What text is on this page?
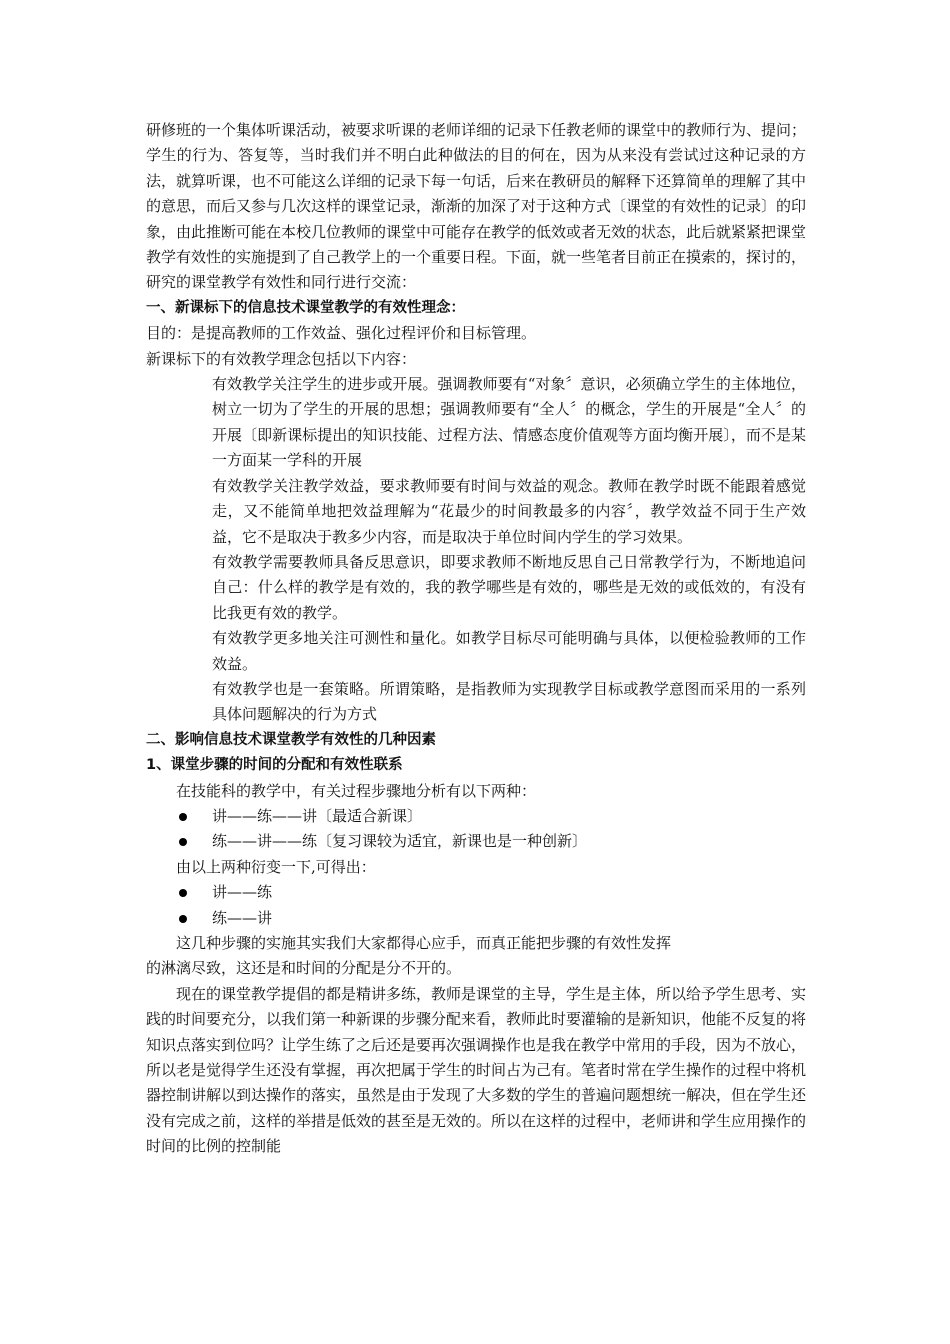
研修班的一个集体听课活动，被要求听课的老师详细的记录下任教老师的课堂中的教师行为、提问；学生的行为、答复等，当时我们并不明白此种做法的目的何在，因为从来没有尝试过这种记录的方法，就算听课，也不可能这么详细的记录下每一句话，后来在教研员的解释下还算简单的理解了其中的意思，而后又参与几次这样的课堂记录，渐渐的加深了对于这种方式〔课堂的有效性的记录〕的印象，由此推断可能在本校几位教师的课堂中可能存在教学的低效或者无效的状态，此后就紧紧把课堂教学有效性的实施提到了自己教学上的一个重要日程。下面，就一些笔者目前正在摸索的，探讨的，研究的课堂教学有效性和同行进行交流：

一、新课标下的信息技术课堂教学的有效性理念：

目的：是提高教师的工作效益、强化过程评价和目标管理。

新课标下的有效教学理念包括以下内容：

有效教学关注学生的进步或开展。强调教师要有“对象〞意识，必须确立学生的主体地位，树立一切为了学生的开展的思想；强调教师要有“全人〞的概念，学生的开展是“全人〞的开展〔即新课标提出的知识技能、过程方法、情感态度价值观等方面均衡开展〕，而不是某一方面某一学科的开展
有效教学关注教学效益，要求教师要有时间与效益的观念。教师在教学时既不能跟着感觉走，又不能简单地把效益理解为“花最少的时间教最多的内容〞，教学效益不同于生产效益，它不是取决于教多少内容，而是取决于单位时间内学生的学习效果。
有效教学需要教师具备反思意识，即要求教师不断地反思自己日常教学行为，不断地追问自己：什么样的教学是有效的，我的教学哪些是有效的，哪些是无效的或低效的，有没有比我更有效的教学。
有效教学更多地关注可测性和量化。如教学目标尽可能明确与具体，以便检验教师的工作效益。
有效教学也是一套策略。所谓策略，是指教师为实现教学目标或教学意图而采用的一系列具体问题解决的行为方式

二、影响信息技术课堂教学有效性的几种因素

1、课堂步骤的时间的分配和有效性联系

在技能科的教学中，有关过程步骤地分析有以下两种：

讲——练——讲〔最适合新课〕
练——讲——练〔复习课较为适宜，新课也是一种创新〕

由以上两种衍变一下,可得出：

讲——练
练——讲

这几种步骤的实施其实我们大家都得心应手，而真正能把步骤的有效性发挥

的淋漓尽致，这还是和时间的分配是分不开的。

现在的课堂教学提倡的都是精讲多练，教师是课堂的主导，学生是主体，所以给予学生思考、实践的时间要充分，以我们第一种新课的步骤分配来看，教师此时要灌输的是新知识，他能不反复的将知识点落实到位吗？让学生练了之后还是要再次强调操作也是我在教学中常用的手段，因为不放心，所以老是觉得学生还没有掌握，再次把属于学生的时间占为己有。笔者时常在学生操作的过程中将机器控制讲解以到达操作的落实，虽然是由于发现了大多数的学生的普遍问题想统一解决，但在学生还没有完成之前，这样的举措是低效的甚至是无效的。所以在这样的过程中，老师讲和学生应用操作的时间的比例的控制能
